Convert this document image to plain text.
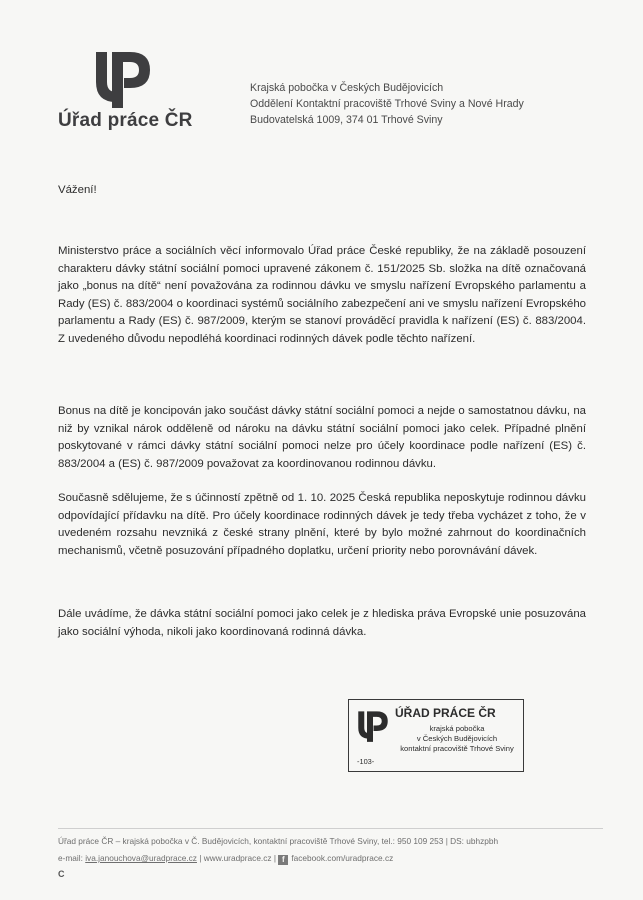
Úřad práce ČR
Krajská pobočka v Českých Budějovicích
Oddělení Kontaktní pracoviště Trhové Sviny a Nové Hrady
Budovatelská 1009, 374 01 Trhové Sviny
Vážení!
Ministerstvo práce a sociálních věcí informovalo Úřad práce České republiky, že na základě posouzení charakteru dávky státní sociální pomoci upravené zákonem č. 151/2025 Sb. složka na dítě označovaná jako „bonus na dítě“ není považována za rodinnou dávku ve smyslu nařízení Evropského parlamentu a Rady (ES) č. 883/2004 o koordinaci systémů sociálního zabezpečení ani ve smyslu nařízení Evropského parlamentu a Rady (ES) č. 987/2009, kterým se stanoví prováděcí pravidla k nařízení (ES) č. 883/2004. Z uvedeného důvodu nepodléhá koordinaci rodinných dávek podle těchto nařízení.
Bonus na dítě je koncipován jako součást dávky státní sociální pomoci a nejde o samostatnou dávku, na niž by vznikal nárok odděleně od nároku na dávku státní sociální pomoci jako celek. Případné plnění poskytované v rámci dávky státní sociální pomoci nelze pro účely koordinace podle nařízení (ES) č. 883/2004 a (ES) č. 987/2009 považovat za koordinovanou rodinnou dávku.
Současně sdělujeme, že s účinností zpětně od 1. 10. 2025 Česká republika neposkytuje rodinnou dávku odpovídající přídavku na dítě. Pro účely koordinace rodinných dávek je tedy třeba vycházet z toho, že v uvedeném rozsahu nevzniká z české strany plnění, které by bylo možné zahrnout do koordinačních mechanismů, včetně posuzování případného doplatku, určení priority nebo porovnávání dávek.
Dále uvádíme, že dávka státní sociální pomoci jako celek je z hlediska práva Evropské unie posuzována jako sociální výhoda, nikoli jako koordinovaná rodinná dávka.
ÚŘAD PRÁCE ČR
krajská pobočka
v Českých Budějovicích
kontaktní pracoviště Trhové Sviny
-103-
Úřad práce ČR – krajská pobočka v Č. Budějovicích, kontaktní pracoviště Trhové Sviny, tel.: 950 109 253 | DS: ubhzpbh
e-mail: iva.janouchova@uradprace.cz | www.uradprace.cz | f facebook.com/uradprace.cz
C
